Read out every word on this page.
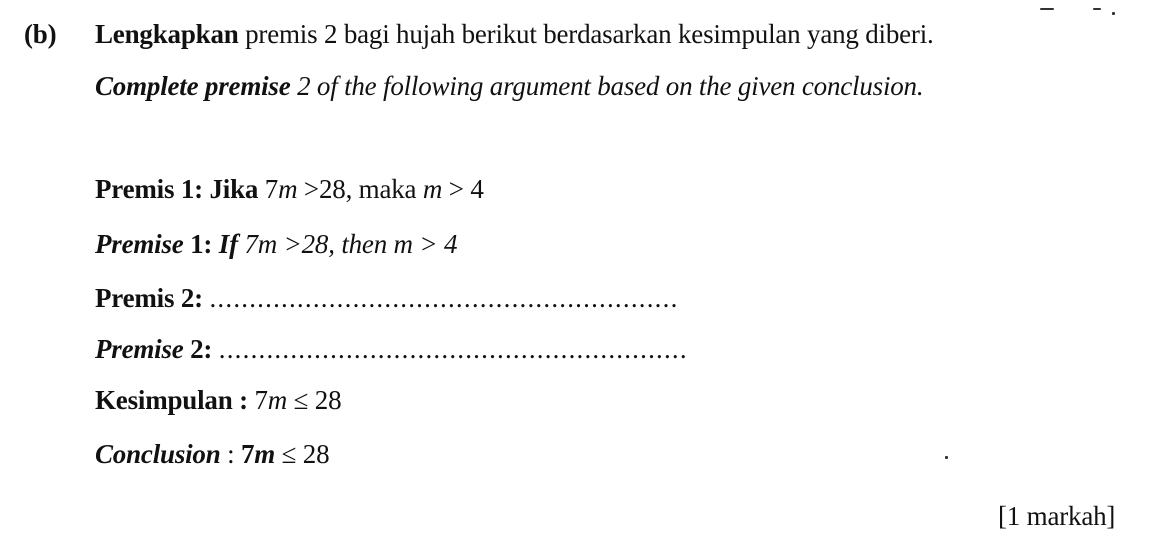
(b) Lengkapkan premis 2 bagi hujah berikut berdasarkan kesimpulan yang diberi.
Complete premise 2 of the following argument based on the given conclusion.
Premis 1: Jika 7m >28, maka m > 4
Premise 1: If 7m >28, then m > 4
Premis 2: ...........................................................
Premise 2: ...........................................................
Kesimpulan : 7m ≤ 28
Conclusion : 7m ≤ 28
[1 markah]
